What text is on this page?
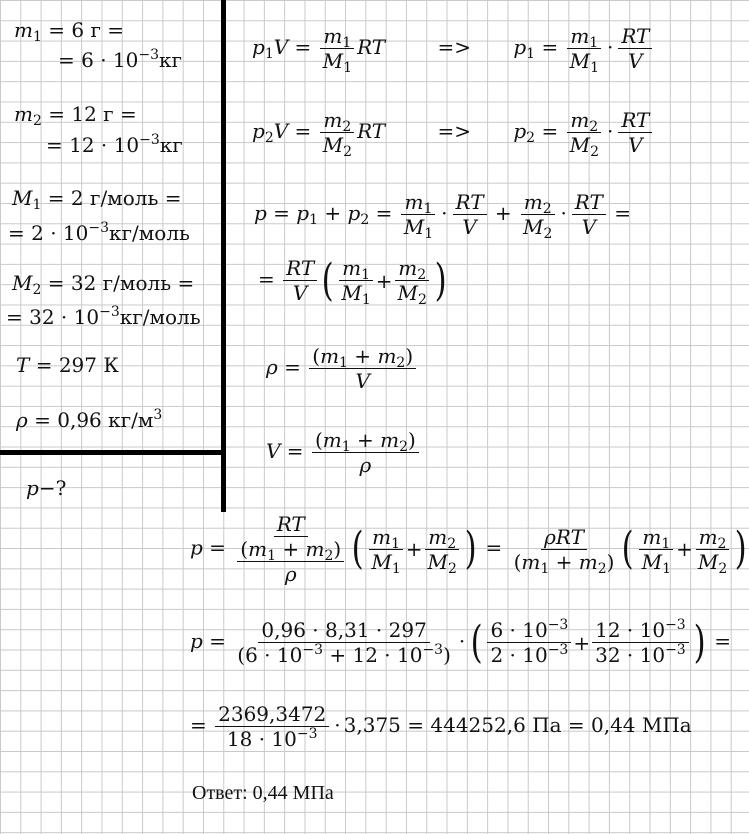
$m_1 = 6$ г =
= $6 \cdot 10^{-3}кг$
$m_2 = 12$ г =
= $12 \cdot 10^{-3}кг$
$M_1 = 2$ г/моль =
= $2 \cdot 10^{-3}кг$/моль
$M_2 = 32$ г/моль =
= $32 \cdot 10^{-3}кг$/моль
T = 297 К
ρ = 0,96 $кг/м^3$
p−?
$p_1V = \frac{m_1}{M_1}$ RT	=> $p_1 = \frac{m_1}{M_1} \cdot \frac{RT}{V}$
$p_2V = \frac{m_2}{M_2}$ RT	=> $p_2 = \frac{m_2}{M_2} \cdot \frac{RT}{V}$
$p = p_1 + p_2 = \frac{m_1}{M_1} \cdot \frac{RT}{V} + \frac{m_2}{M_2} \cdot \frac{RT}{V}$ =
= $\frac{RT}{V}$ ( $m_1$
$M_1$
+
$m_2$
$M_2$ )
$\rho = \frac{(m_1 + m_2)}{V}$
$V = \frac{(m_1 + m_2)}{\rho}$
$p = \frac{RT}{\frac{(m_1 + m_2)}{\rho}}$ ( $m_1$
$M_1$
+
$m_2$
$M_2$ ) = ρRT
$(m_1 + m_2)$ ( $m_1$
$M_1$
+
$m_2$
$M_2$ )
$p = \frac{0,96 \cdot 8,31 \cdot 297}{(6 \cdot 10^{-3} + 12 \cdot 10^{-3})}$ · ( $6 \cdot 10^{-3}$
$2 \cdot 10^{-3}$ +
$12 \cdot 10^{-3}$
$32 \cdot 10^{-3}$ ) =
= $\frac{2369,3472}{18 \cdot 10^{-3}} \cdot 3,375 = 444252,6$ Па = 0,44 МПа
Ответ: 0,44 МПа
